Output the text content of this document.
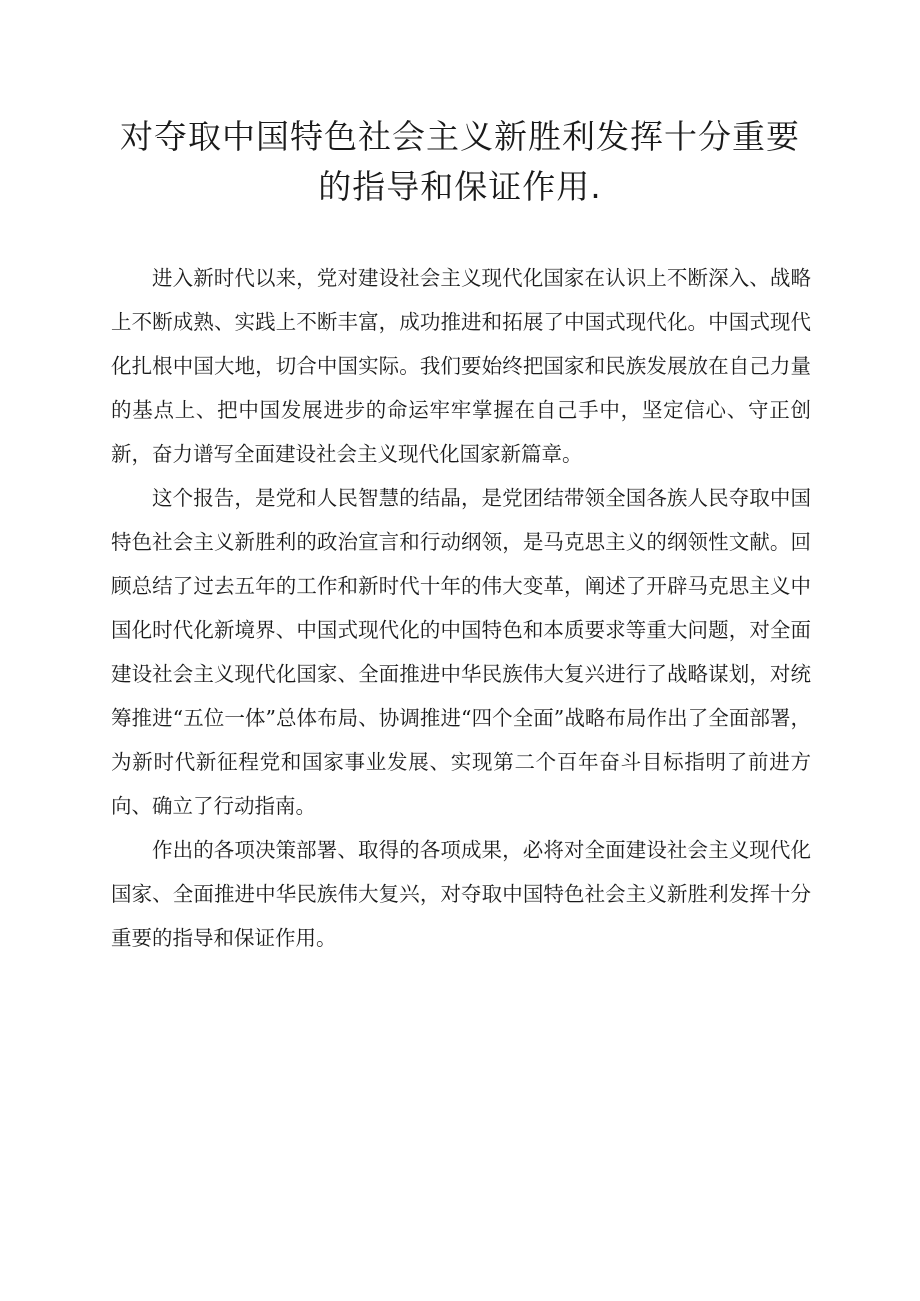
对夺取中国特色社会主义新胜利发挥十分重要
的指导和保证作用.

进入新时代以来，党对建设社会主义现代化国家在认识上不断深入、战略上不断成熟、实践上不断丰富，成功推进和拓展了中国式现代化。中国式现代化扎根中国大地，切合中国实际。我们要始终把国家和民族发展放在自己力量的基点上、把中国发展进步的命运牢牢掌握在自己手中，坚定信心、守正创新，奋力谱写全面建设社会主义现代化国家新篇章。

这个报告，是党和人民智慧的结晶，是党团结带领全国各族人民夺取中国特色社会主义新胜利的政治宣言和行动纲领，是马克思主义的纲领性文献。回顾总结了过去五年的工作和新时代十年的伟大变革，阐述了开辟马克思主义中国化时代化新境界、中国式现代化的中国特色和本质要求等重大问题，对全面建设社会主义现代化国家、全面推进中华民族伟大复兴进行了战略谋划，对统筹推进“五位一体”总体布局、协调推进“四个全面”战略布局作出了全面部署，为新时代新征程党和国家事业发展、实现第二个百年奋斗目标指明了前进方向、确立了行动指南。

作出的各项决策部署、取得的各项成果，必将对全面建设社会主义现代化国家、全面推进中华民族伟大复兴，对夺取中国特色社会主义新胜利发挥十分重要的指导和保证作用。
